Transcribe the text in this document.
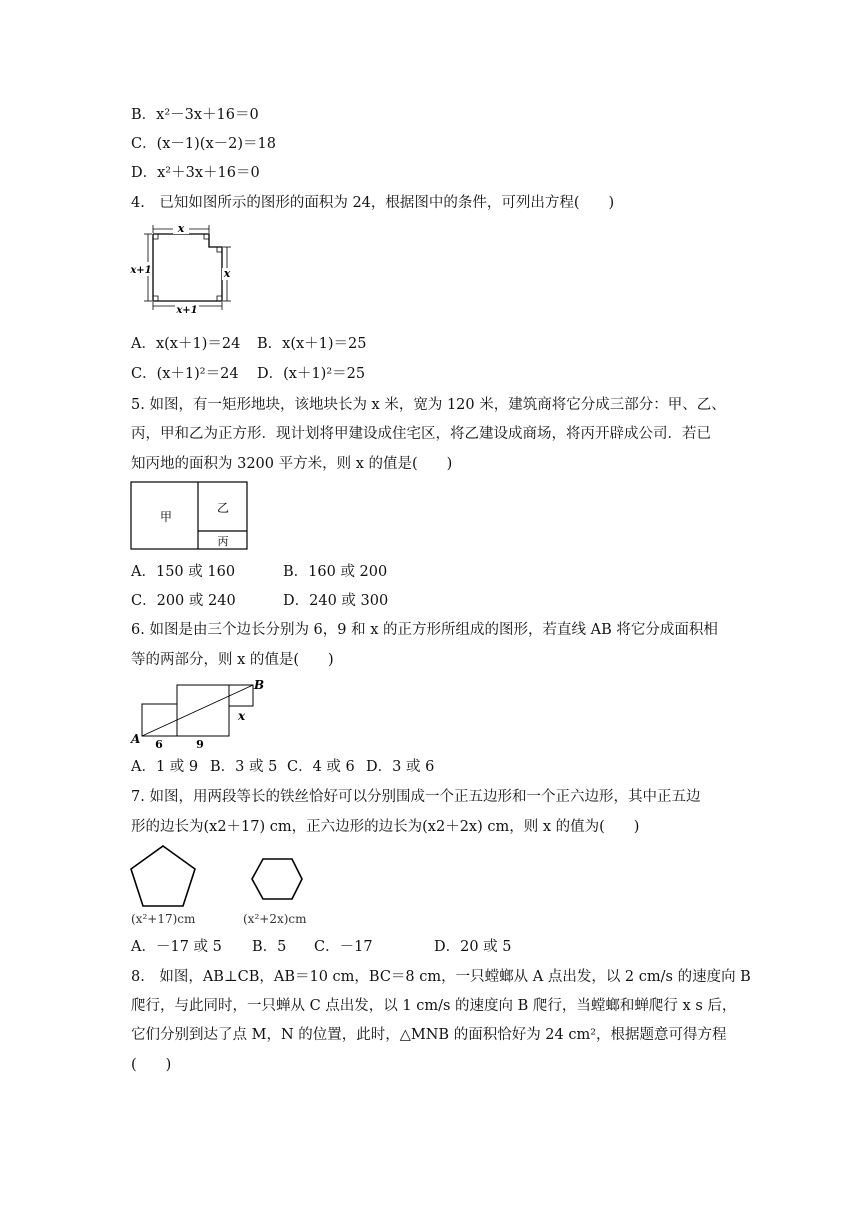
B．x²－3x＋16＝0
C．(x－1)(x－2)＝18
D．x²＋3x＋16＝0
4.　已知如图所示的图形的面积为 24，根据图中的条件，可列出方程(　　)
x
x+1	x
x+1
A．x(x＋1)＝24 B．x(x＋1)＝25
C．(x＋1)²＝24 D．(x＋1)²＝25
5. 如图，有一矩形地块，该地块长为 x 米，宽为 120 米，建筑商将它分成三部分：甲、乙、
丙，甲和乙为正方形．现计划将甲建设成住宅区，将乙建设成商场，将丙开辟成公司．若已
知丙地的面积为 3200 平方米，则 x 的值是(　　)
甲
乙
丙
A．150 或 160	B．160 或 200
C．200 或 240	D．240 或 300
6. 如图是由三个边长分别为 6，9 和 x 的正方形所组成的图形，若直线 AB 将它分成面积相
等的两部分，则 x 的值是(　　)
A
B
6	9
x
A．1 或 9 B．3 或 5 C．4 或 6 D．3 或 6
7. 如图，用两段等长的铁丝恰好可以分别围成一个正五边形和一个正六边形，其中正五边
形的边长为(x2＋17) cm，正六边形的边长为(x2＋2x) cm，则 x 的值为(　　)
(x²+17)cm	(x²+2x)cm
A．－17 或 5 B．5 C．－17	D．20 或 5
8.　如图，AB⊥CB，AB＝10 cm，BC＝8 cm，一只螳螂从 A 点出发，以 2 cm/s 的速度向 B
爬行，与此同时，一只蝉从 C 点出发，以 1 cm/s 的速度向 B 爬行，当螳螂和蝉爬行 x s 后，
它们分别到达了点 M，N 的位置，此时，△MNB 的面积恰好为 24 cm²，根据题意可得方程
(　　)
